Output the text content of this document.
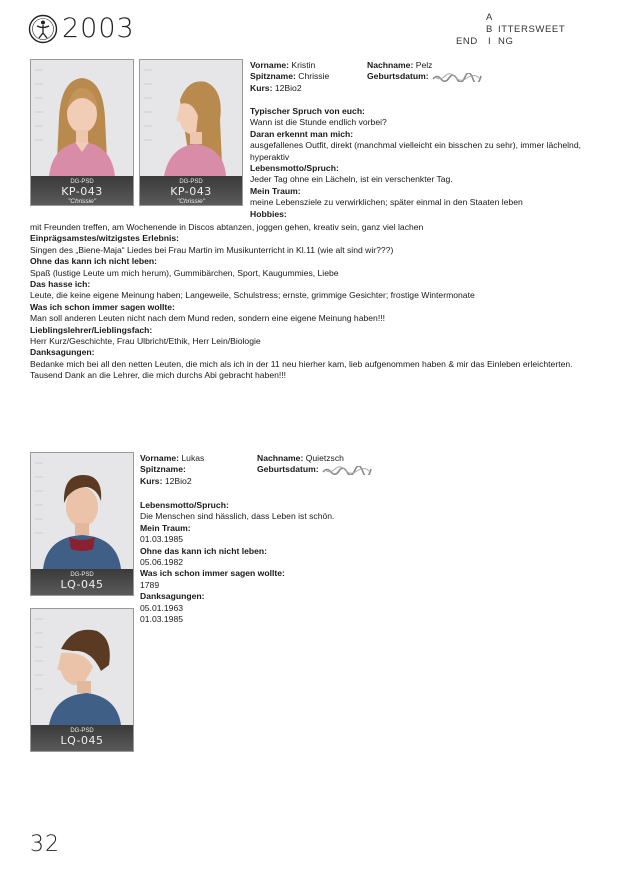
2003	A
B ITTERSWEET
END I NG
DG-PSD
KP-043
"Chrissie"
DG-PSD
KP-043
"Chrissie"
Vorname: Kristin	Nachname: Pelz
Spitzname: Chrissie	Geburtsdatum:
Kurs: 12Bio2
Typischer Spruch von euch:
Wann ist die Stunde endlich vorbei?
Daran erkennt man mich:
ausgefallenes Outfit, direkt (manchmal vielleicht ein bisschen zu sehr), immer lächelnd, hyperaktiv
Lebensmotto/Spruch:
Jeder Tag ohne ein Lächeln, ist ein verschenkter Tag.
Mein Traum:
meine Lebensziele zu verwirklichen; später einmal in den Staaten leben
Hobbies:
mit Freunden treffen, am Wochenende in Discos abtanzen, joggen gehen, kreativ sein, ganz viel lachen
Einprägsamstes/witzigstes Erlebnis:
Singen des „Biene-Maja“ Liedes bei Frau Martin im Musikunterricht in Kl.11 (wie alt sind wir???)
Ohne das kann ich nicht leben:
Spaß (lustige Leute um mich herum), Gummibärchen, Sport, Kaugummies, Liebe
Das hasse ich:
Leute, die keine eigene Meinung haben; Langeweile, Schulstress; ernste, grimmige Gesichter; frostige Wintermonate
Was ich schon immer sagen wollte:
Man soll anderen Leuten nicht nach dem Mund reden, sondern eine eigene Meinung haben!!!
Lieblingslehrer/Lieblingsfach:
Herr Kurz/Geschichte, Frau Ulbricht/Ethik, Herr Lein/Biologie
Danksagungen:
Bedanke mich bei all den netten Leuten, die mich als ich in der 11 neu hierher kam, lieb aufgenommen haben & mir das Einleben erleichterten.
Tausend Dank an die Lehrer, die mich durchs Abi gebracht haben!!!
DG-PSD
LQ-045
DG-PSD
LQ-045
Vorname: Lukas	Nachname: Quietzsch
Spitzname:	Geburtsdatum:
Kurs: 12Bio2
Lebensmotto/Spruch:
Die Menschen sind hässlich, dass Leben ist schön.
Mein Traum:
01.03.1985
Ohne das kann ich nicht leben:
05.06.1982
Was ich schon immer sagen wollte:
1789
Danksagungen:
05.01.1963
01.03.1985
32
